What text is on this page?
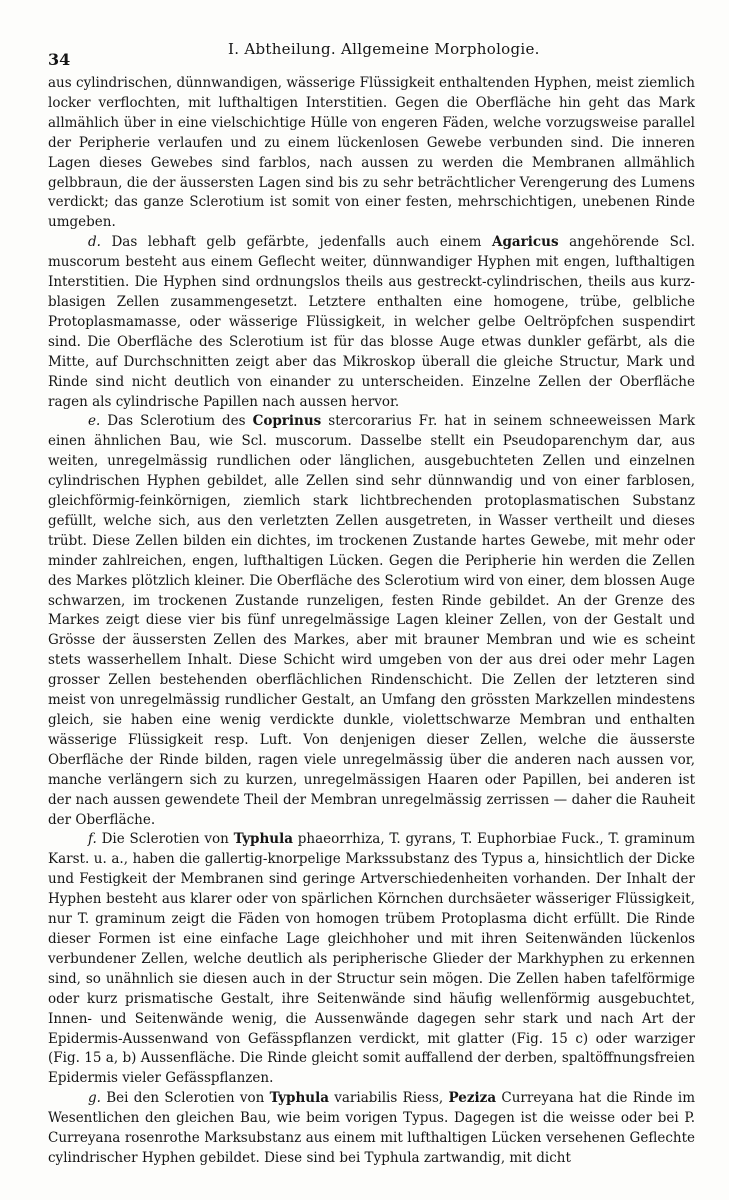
34
I. Abtheilung. Allgemeine Morphologie.

aus cylindrischen, dünnwandigen, wässerige Flüssigkeit enthaltenden Hyphen, meist ziemlich locker verflochten, mit lufthaltigen Interstitien. Gegen die Oberfläche hin geht das Mark allmählich über in eine vielschichtige Hülle von engeren Fäden, welche vorzugsweise parallel der Peripherie verlaufen und zu einem lückenlosen Gewebe verbunden sind. Die inneren Lagen dieses Gewebes sind farblos, nach aussen zu werden die Membranen allmählich gelbbraun, die der äussersten Lagen sind bis zu sehr beträchtlicher Verengerung des Lumens verdickt; das ganze Sclerotium ist somit von einer festen, mehrschichtigen, unebenen Rinde umgeben.

d. Das lebhaft gelb gefärbte, jedenfalls auch einem Agaricus angehörende Scl. muscorum besteht aus einem Geflecht weiter, dünnwandiger Hyphen mit engen, lufthaltigen Interstitien. Die Hyphen sind ordnungslos theils aus gestreckt-cylindrischen, theils aus kurz-blasigen Zellen zusammengesetzt. Letztere enthalten eine homogene, trübe, gelbliche Protoplasmamasse, oder wässerige Flüssigkeit, in welcher gelbe Oeltröpfchen suspendirt sind. Die Oberfläche des Sclerotium ist für das blosse Auge etwas dunkler gefärbt, als die Mitte, auf Durchschnitten zeigt aber das Mikroskop überall die gleiche Structur, Mark und Rinde sind nicht deutlich von einander zu unterscheiden. Einzelne Zellen der Oberfläche ragen als cylindrische Papillen nach aussen hervor.

e. Das Sclerotium des Coprinus stercorarius Fr. hat in seinem schneeweissen Mark einen ähnlichen Bau, wie Scl. muscorum. Dasselbe stellt ein Pseudoparenchym dar, aus weiten, unregelmässig rundlichen oder länglichen, ausgebuchteten Zellen und einzelnen cylindrischen Hyphen gebildet, alle Zellen sind sehr dünnwandig und von einer farblosen, gleichförmig-feinkörnigen, ziemlich stark lichtbrechenden protoplasmatischen Substanz gefüllt, welche sich, aus den verletzten Zellen ausgetreten, in Wasser vertheilt und dieses trübt. Diese Zellen bilden ein dichtes, im trockenen Zustande hartes Gewebe, mit mehr oder minder zahlreichen, engen, lufthaltigen Lücken. Gegen die Peripherie hin werden die Zellen des Markes plötzlich kleiner. Die Oberfläche des Sclerotium wird von einer, dem blossen Auge schwarzen, im trockenen Zustande runzeligen, festen Rinde gebildet. An der Grenze des Markes zeigt diese vier bis fünf unregelmässige Lagen kleiner Zellen, von der Gestalt und Grösse der äussersten Zellen des Markes, aber mit brauner Membran und wie es scheint stets wasserhellem Inhalt. Diese Schicht wird umgeben von der aus drei oder mehr Lagen grosser Zellen bestehenden oberflächlichen Rindenschicht. Die Zellen der letzteren sind meist von unregelmässig rundlicher Gestalt, an Umfang den grössten Markzellen mindestens gleich, sie haben eine wenig verdickte dunkle, violettschwarze Membran und enthalten wässerige Flüssigkeit resp. Luft. Von denjenigen dieser Zellen, welche die äusserste Oberfläche der Rinde bilden, ragen viele unregelmässig über die anderen nach aussen vor, manche verlängern sich zu kurzen, unregelmässigen Haaren oder Papillen, bei anderen ist der nach aussen gewendete Theil der Membran unregelmässig zerrissen — daher die Rauheit der Oberfläche.

f. Die Sclerotien von Typhula phaeorrhiza, T. gyrans, T. Euphorbiae Fuck., T. graminum Karst. u. a., haben die gallertig-knorpelige Markssubstanz des Typus a, hinsichtlich der Dicke und Festigkeit der Membranen sind geringe Artverschiedenheiten vorhanden. Der Inhalt der Hyphen besteht aus klarer oder von spärlichen Körnchen durchsäeter wässeriger Flüssigkeit, nur T. graminum zeigt die Fäden von homogen trübem Protoplasma dicht erfüllt. Die Rinde dieser Formen ist eine einfache Lage gleichhoher und mit ihren Seitenwänden lückenlos verbundener Zellen, welche deutlich als peripherische Glieder der Markhyphen zu erkennen sind, so unähnlich sie diesen auch in der Structur sein mögen. Die Zellen haben tafelförmige oder kurz prismatische Gestalt, ihre Seitenwände sind häufig wellenförmig ausgebuchtet, Innen- und Seitenwände wenig, die Aussenwände dagegen sehr stark und nach Art der Epidermis-Aussenwand von Gefässpflanzen verdickt, mit glatter (Fig. 15 c) oder warziger (Fig. 15 a, b) Aussenfläche. Die Rinde gleicht somit auffallend der derben, spaltöffnungsfreien Epidermis vieler Gefässpflanzen.

g. Bei den Sclerotien von Typhula variabilis Riess, Peziza Curreyana hat die Rinde im Wesentlichen den gleichen Bau, wie beim vorigen Typus. Dagegen ist die weisse oder bei P. Curreyana rosenrothe Marksubstanz aus einem mit lufthaltigen Lücken versehenen Geflechte cylindrischer Hyphen gebildet. Diese sind bei Typhula zartwandig, mit dicht
